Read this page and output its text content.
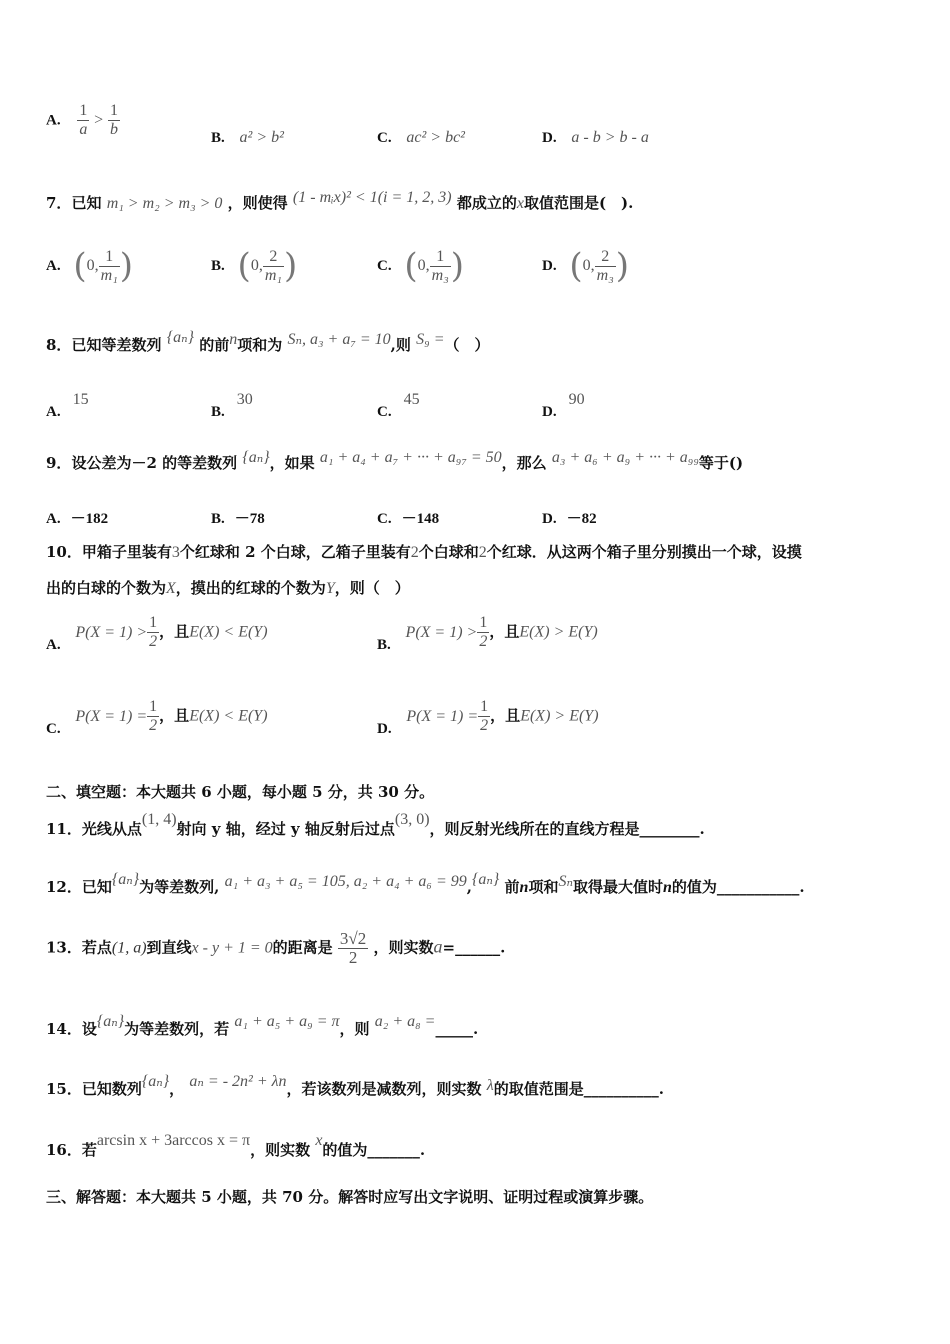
A. $\frac{1}{a} > \frac{1}{b}$	B. a² > b²	C. ac² > bc²	D. a - b > b - a
7．已知 m₁ > m₂ > m₃ > 0 ，则使得 (1 - mᵢx)² < 1(i = 1, 2, 3) 都成立的x取值范围是(　).
A. (0, $\frac{1}{\text{m₁}}$ )	B. (0, $\frac{2}{\text{m₁}}$ )	C. (0, $\frac{1}{\text{m₃}}$ )	D. (0, $\frac{2}{\text{m₃}}$ )
8．已知等差数列 {aₙ} 的前n项和为 Sₙ, a₃ + a₇ = 10,则 S₉ =（　）
A.15
B.30
C.45
D.90
9．设公差为－2 的等差数列 {aₙ}，如果 a₁ + a₄ + a₇ + ··· + a₉₇ = 50，那么 a₃ + a₆ + a₉ + ··· + a₉₉等于()
A. －182	B. －78	C. －148	D. －82
10．甲箱子里装有3个红球和 2 个白球，乙箱子里装有2个白球和2个红球．从这两个箱子里分别摸出一个球，设摸
出的白球的个数为X，摸出的红球的个数为Y，则（　）
A. $P(X = 1) > \frac{1}{2}$ ，且E(X) < E(Y)
B. $P(X = 1) > \frac{1}{2}$ ，且E(X) > E(Y)
C. $P(X = 1) = \frac{1}{2}$ ，且E(X) < E(Y)
D. $P(X = 1) = \frac{1}{2}$ ，且E(X) > E(Y)
二、填空题：本大题共 6 小题，每小题 5 分，共 30 分。
11．光线从点(1, 4)射向 y 轴，经过 y 轴反射后过点(3, 0)，则反射光线所在的直线方程是________.
12．已知{aₙ}为等差数列, a₁ + a₃ + a₅ = 105, a₂ + a₄ + a₆ = 99,{aₙ} 前n项和Sₙ取得最大值时n的值为___________.
13．若点(1, a)到直线x - y + 1 = 0的距离是 $\frac{3√2}{2}$ ，则实数a=______.
14．设{aₙ}为等差数列，若 a₁ + a₅ + a₉ = π，则 a₂ + a₈ =_____.
15．已知数列{aₙ}， aₙ = - 2n² + λn，若该数列是减数列，则实数 λ的取值范围是__________.
16．若arcsin x + 3arccos x = π，则实数 x的值为_______.
三、解答题：本大题共 5 小题，共 70 分。解答时应写出文字说明、证明过程或演算步骤。
